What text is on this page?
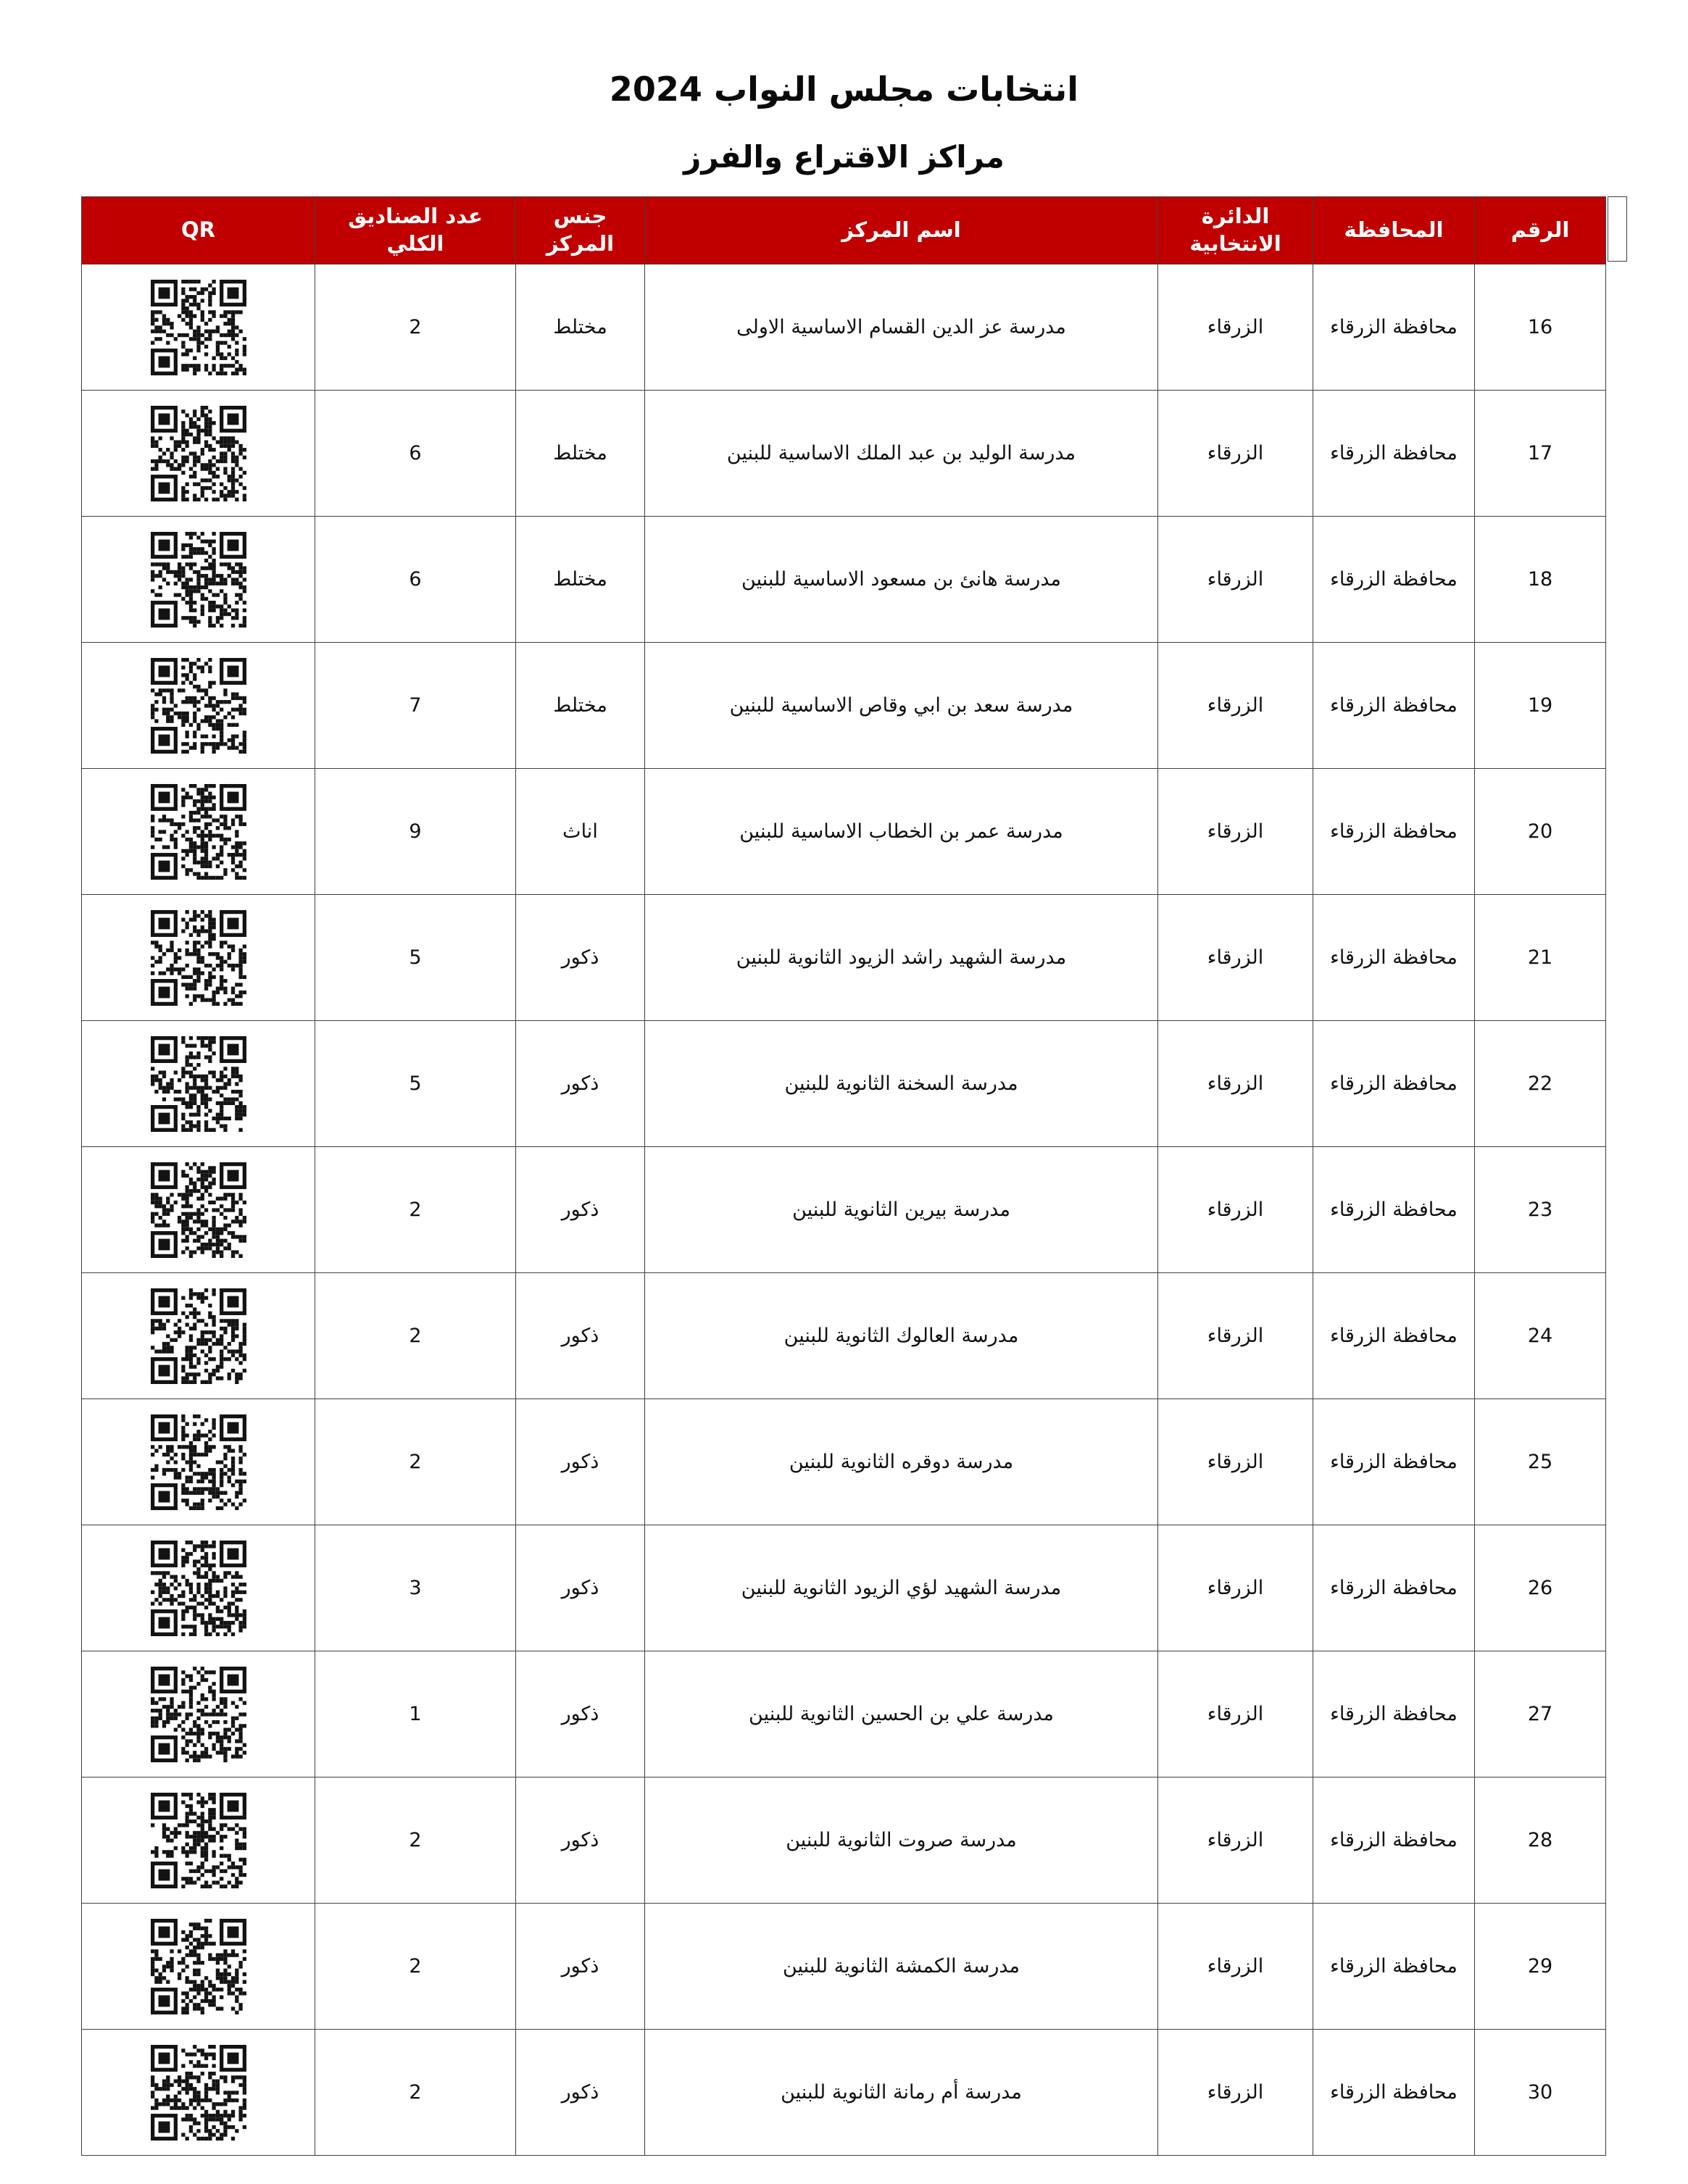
انتخابات مجلس النواب 2024
مراكز الاقتراع والفرز
الرقم	المحافظة	الدائرة الانتخابية	اسم المركز	جنس المركز	عدد الصناديق الكلي	QR
16	محافظة الزرقاء	الزرقاء	مدرسة عز الدين القسام الاساسية الاولى	مختلط	2	

17	محافظة الزرقاء	الزرقاء	مدرسة الوليد بن عبد الملك الاساسية للبنين	مختلط	6	

18	محافظة الزرقاء	الزرقاء	مدرسة هانئ بن مسعود الاساسية للبنين	مختلط	6	

19	محافظة الزرقاء	الزرقاء	مدرسة سعد بن ابي وقاص الاساسية للبنين	مختلط	7	

20	محافظة الزرقاء	الزرقاء	مدرسة عمر بن الخطاب الاساسية للبنين	اناث	9	

21	محافظة الزرقاء	الزرقاء	مدرسة الشهيد راشد الزيود الثانوية للبنين	ذكور	5	

22	محافظة الزرقاء	الزرقاء	مدرسة السخنة الثانوية للبنين	ذكور	5	

23	محافظة الزرقاء	الزرقاء	مدرسة بيرين الثانوية للبنين	ذكور	2	

24	محافظة الزرقاء	الزرقاء	مدرسة العالوك الثانوية للبنين	ذكور	2	

25	محافظة الزرقاء	الزرقاء	مدرسة دوقره الثانوية للبنين	ذكور	2	

26	محافظة الزرقاء	الزرقاء	مدرسة الشهيد لؤي الزيود الثانوية للبنين	ذكور	3	

27	محافظة الزرقاء	الزرقاء	مدرسة علي بن الحسين الثانوية للبنين	ذكور	1	

28	محافظة الزرقاء	الزرقاء	مدرسة صروت الثانوية للبنين	ذكور	2	

29	محافظة الزرقاء	الزرقاء	مدرسة الكمشة الثانوية للبنين	ذكور	2	

30	محافظة الزرقاء	الزرقاء	مدرسة أم رمانة الثانوية للبنين	ذكور	2	
